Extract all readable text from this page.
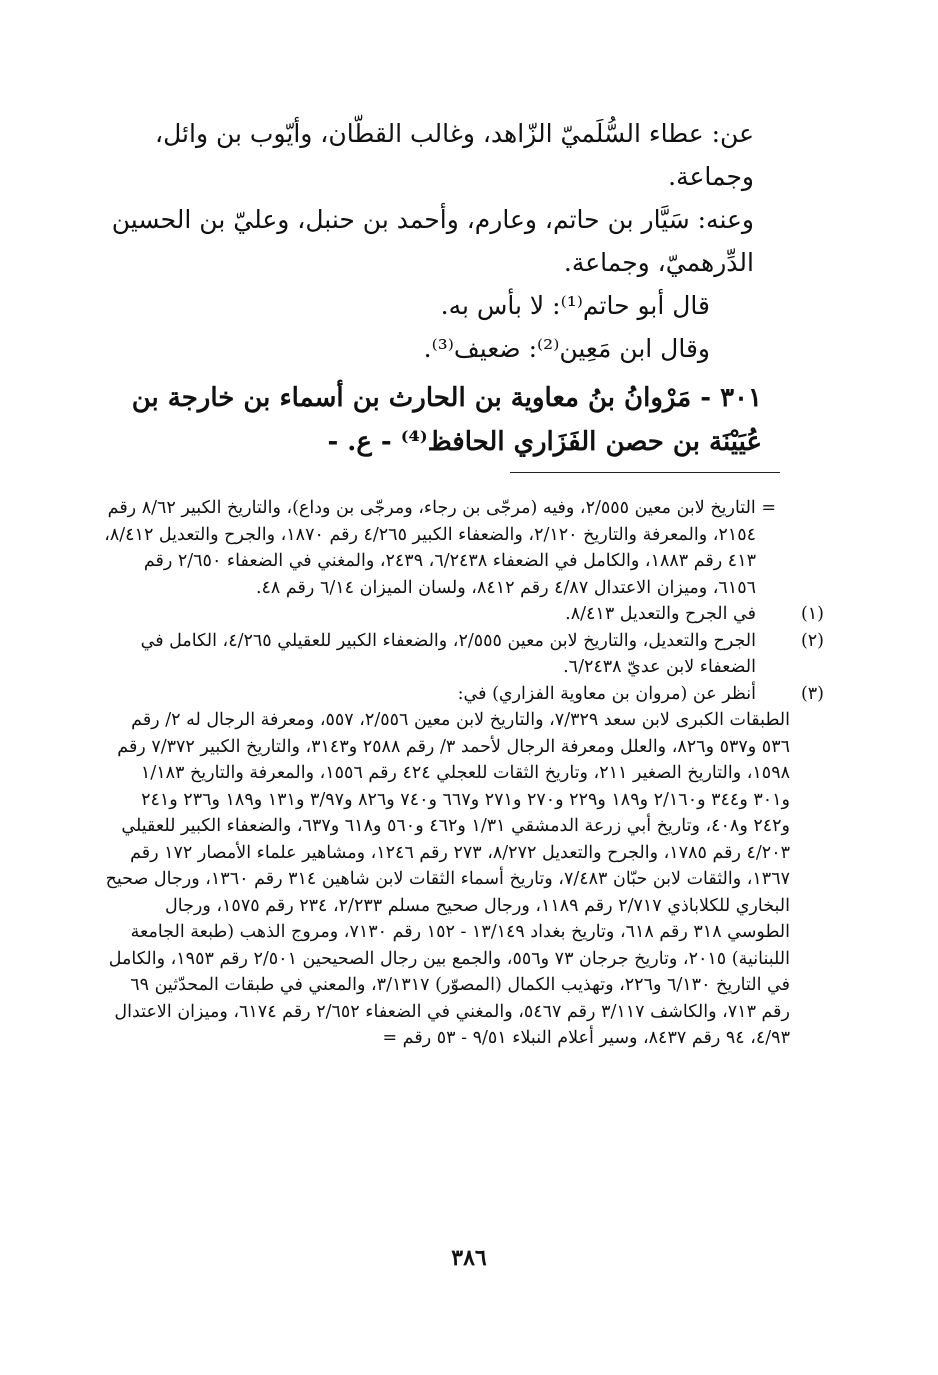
عن: عطاء السُّلَميّ الزّاهد، وغالب القطّان، وأيّوب بن وائل، وجماعة.

وعنه: سَيَّار بن حاتم، وعارم، وأحمد بن حنبل، وعليّ بن الحسين الدِّرهميّ، وجماعة.

قال أبو حاتم⁽¹⁾: لا بأس به.

وقال ابن مَعِين⁽²⁾: ضعيف⁽³⁾.

٣٠١ - مَرْوانُ بنُ معاوية بن الحارث بن أسماء بن خارجة بن عُيَيْنَة بن حصن الفَزَاري الحافظ⁽⁴⁾ - ع. -

= التاريخ لابن معين ٢/٥٥٥، وفيه (مرجّى بن رجاء، ومرجّى بن وداع)، والتاريخ الكبير ٨/٦٢ رقم ٢١٥٤، والمعرفة والتاريخ ٢/١٢٠، والضعفاء الكبير ٤/٢٦٥ رقم ١٨٧٠، والجرح والتعديل ٨/٤١٢، ٤١٣ رقم ١٨٨٣، والكامل في الضعفاء ٦/٢٤٣٨، ٢٤٣٩، والمغني في الضعفاء ٢/٦٥٠ رقم ٦١٥٦، وميزان الاعتدال ٤/٨٧ رقم ٨٤١٢، ولسان الميزان ٦/١٤ رقم ٤٨.

(١)في الجرح والتعديل ٨/٤١٣.

(٢)الجرح والتعديل، والتاريخ لابن معين ٢/٥٥٥، والضعفاء الكبير للعقيلي ٤/٢٦٥، الكامل في الضعفاء لابن عديّ ٦/٢٤٣٨.

(٣)أنظر عن (مروان بن معاوية الفزاري) في:

الطبقات الكبرى لابن سعد ٧/٣٢٩، والتاريخ لابن معين ٢/٥٥٦، ٥٥٧، ومعرفة الرجال له ٢/ رقم ٥٣٦ و٥٣٧ و٨٢٦، والعلل ومعرفة الرجال لأحمد ٣/ رقم ٢٥٨٨ و٣١٤٣، والتاريخ الكبير ٧/٣٧٢ رقم ١٥٩٨، والتاريخ الصغير ٢١١، وتاريخ الثقات للعجلي ٤٢٤ رقم ١٥٥٦، والمعرفة والتاريخ ١/١٨٣ و٣٠١ و٣٤٤ و٢/١٦٠ و١٨٩ و٢٢٩ و٢٧٠ و٢٧١ و٦٦٧ و٧٤٠ و٨٢٦ و٣/٩٧ و١٣١ و١٨٩ و٢٣٦ و٢٤١ و٢٤٢ و٤٠٨، وتاريخ أبي زرعة الدمشقي ١/٣١ و٤٦٢ و٥٦٠ و٦١٨ و٦٣٧، والضعفاء الكبير للعقيلي ٤/٢٠٣ رقم ١٧٨٥، والجرح والتعديل ٨/٢٧٢، ٢٧٣ رقم ١٢٤٦، ومشاهير علماء الأمصار ١٧٢ رقم ١٣٦٧، والثقات لابن حبّان ٧/٤٨٣، وتاريخ أسماء الثقات لابن شاهين ٣١٤ رقم ١٣٦٠، ورجال صحيح البخاري للكلاباذي ٢/٧١٧ رقم ١١٨٩، ورجال صحيح مسلم ٢/٢٣٣، ٢٣٤ رقم ١٥٧٥، ورجال الطوسي ٣١٨ رقم ٦١٨، وتاريخ بغداد ١٣/١٤٩ - ١٥٢ رقم ٧١٣٠، ومروج الذهب (طبعة الجامعة اللبنانية) ٢٠١٥، وتاريخ جرجان ٧٣ و٥٥٦، والجمع بين رجال الصحيحين ٢/٥٠١ رقم ١٩٥٣، والكامل في التاريخ ٦/١٣٠ و٢٢٦، وتهذيب الكمال (المصوّر) ٣/١٣١٧، والمعني في طبقات المحدّثين ٦٩ رقم ٧١٣، والكاشف ٣/١١٧ رقم ٥٤٦٧، والمغني في الضعفاء ٢/٦٥٢ رقم ٦١٧٤، وميزان الاعتدال ٤/٩٣، ٩٤ رقم ٨٤٣٧، وسير أعلام النبلاء ٩/٥١ - ٥٣ رقم =

٣٨٦
